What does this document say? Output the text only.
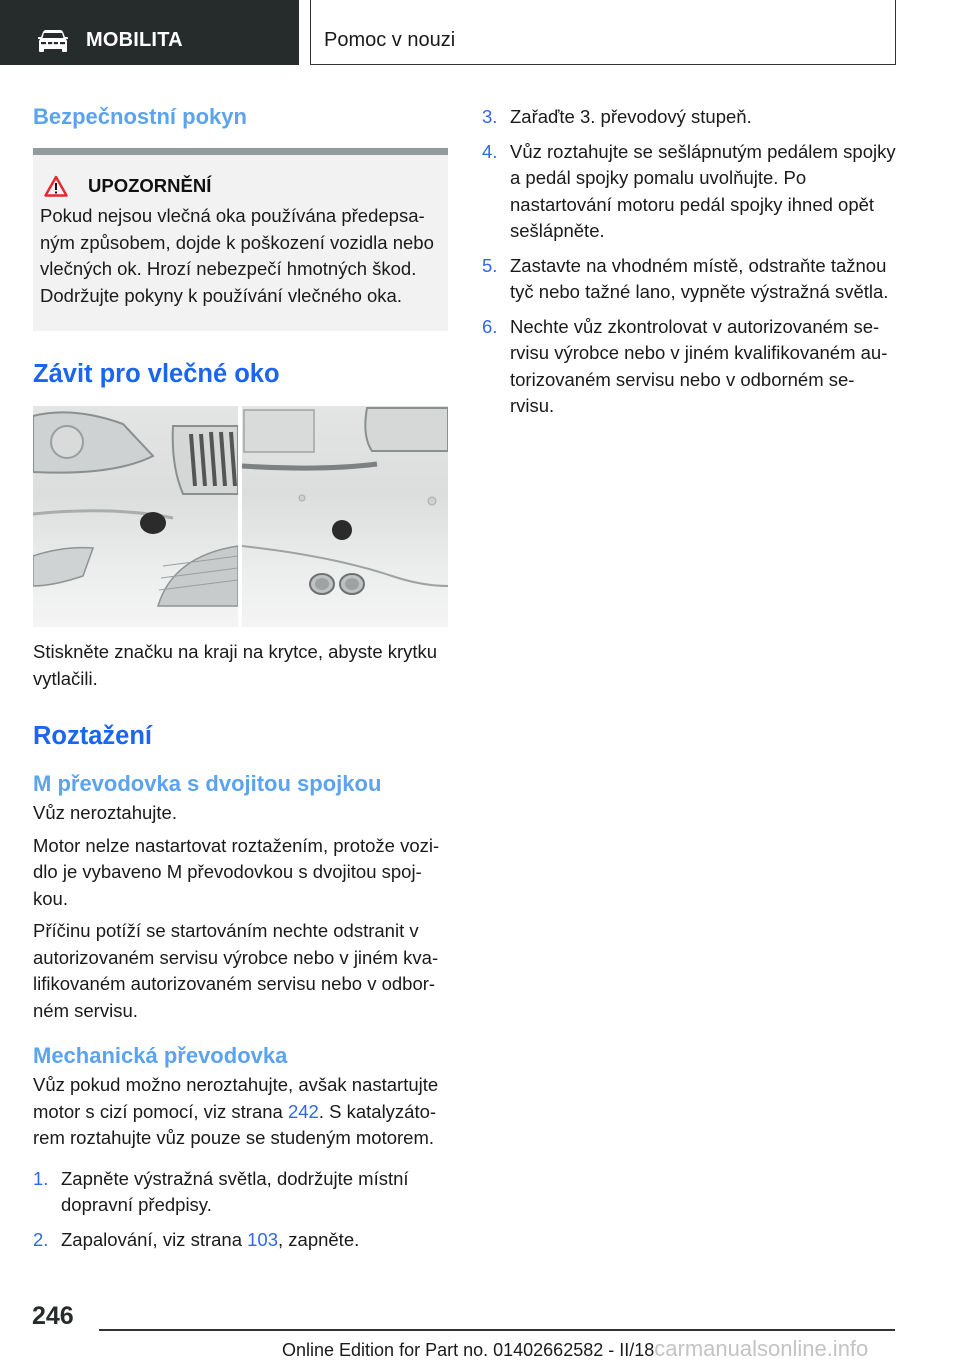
MOBILITA	Pomoc v nouzi
Bezpečnostní pokyn
UPOZORNĚNÍ
Pokud nejsou vlečná oka používána předepsa-ným způsobem, dojde k poškození vozidla nebo vlečných ok. Hrozí nebezpečí hmotných škod. Dodržujte pokyny k používání vlečného oka.
Závit pro vlečné oko
Stiskněte značku na kraji na krytce, abyste krytku vytlačili.
Roztažení
M převodovka s dvojitou spojkou
Vůz neroztahujte.
Motor nelze nastartovat roztažením, protože vozi-dlo je vybaveno M převodovkou s dvojitou spoj-kou.
Příčinu potíží se startováním nechte odstranit v autorizovaném servisu výrobce nebo v jiném kva-lifikovaném autorizovaném servisu nebo v odbor-ném servisu.
Mechanická převodovka
Vůz pokud možno neroztahujte, avšak nastartujte motor s cizí pomocí, viz strana 242. S katalyzáto-rem roztahujte vůz pouze se studeným motorem.
1. Zapněte výstražná světla, dodržujte místní dopravní předpisy.
2. Zapalování, viz strana 103, zapněte.
3. Zařaďte 3. převodový stupeň.
4. Vůz roztahujte se sešlápnutým pedálem spojky a pedál spojky pomalu uvolňujte. Po nastartování motoru pedál spojky ihned opět sešlápněte.
5. Zastavte na vhodném místě, odstraňte tažnou tyč nebo tažné lano, vypněte výstražná světla.
6. Nechte vůz zkontrolovat v autorizovaném se-rvisu výrobce nebo v jiném kvalifikovaném au-torizovaném servisu nebo v odborném se-rvisu.
246
Online Edition for Part no. 01402662582 - II/18carmanualsonline.info
